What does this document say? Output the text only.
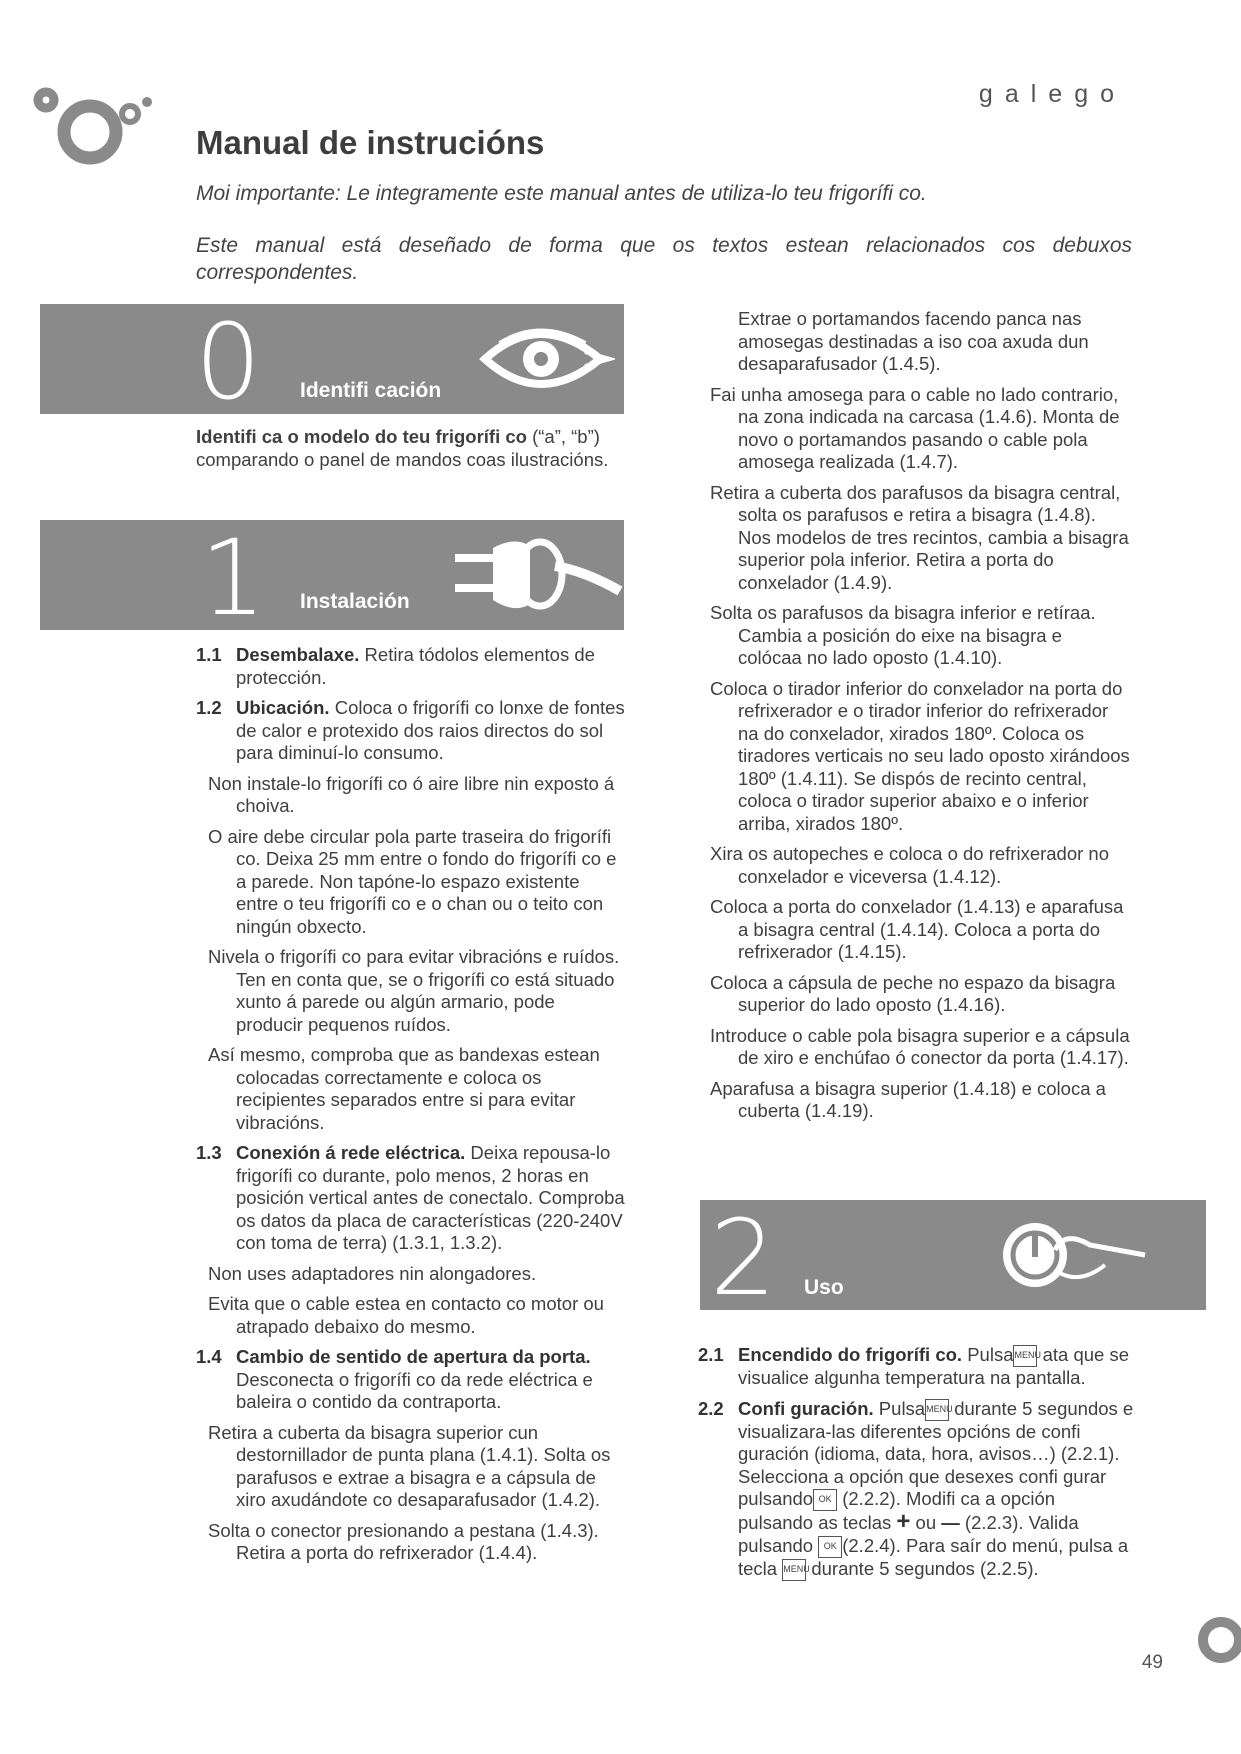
galego
Manual de instrucións
Moi importante: Le integramente este manual antes de utiliza-lo teu frigorífi co.
Este manual está deseñado de forma que os textos estean relacionados cos debuxos correspondentes.
0 Identifi cación

Identifi ca o modelo do teu frigorífi co (“a”, “b”) comparando o panel de mandos coas ilustracións.

1 Instalación

1.1 Desembalaxe. Retira tódolos elementos de protección.

1.2 Ubicación. Coloca o frigorífi co lonxe de fontes de calor e protexido dos raios directos do sol para diminuí-lo consumo.

Non instale-lo frigorífi co ó aire libre nin exposto á choiva.

O aire debe circular pola parte traseira do frigorífi co. Deixa 25 mm entre o fondo do frigorífi co e a parede. Non tapóne-lo espazo existente entre o teu frigorífi co e o chan ou o teito con ningún obxecto.

Nivela o frigorífi co para evitar vibracións e ruídos. Ten en conta que, se o frigorífi co está situado xunto á parede ou algún armario, pode producir pequenos ruídos.

Así mesmo, comproba que as bandexas estean colocadas correctamente e coloca os recipientes separados entre si para evitar vibracións.

1.3 Conexión á rede eléctrica. Deixa repousa-lo frigorífi co durante, polo menos, 2 horas en posición vertical antes de conectalo. Comproba os datos da placa de características (220-240V con toma de terra) (1.3.1, 1.3.2).

Non uses adaptadores nin alongadores.

Evita que o cable estea en contacto co motor ou atrapado debaixo do mesmo.

1.4 Cambio de sentido de apertura da porta. Desconecta o frigorífi co da rede eléctrica e baleira o contido da contraporta.

Retira a cuberta da bisagra superior cun destornillador de punta plana (1.4.1). Solta os parafusos e extrae a bisagra e a cápsula de xiro axudándote co desaparafusador (1.4.2).

Solta o conector presionando a pestana (1.4.3). Retira a porta do refrixerador (1.4.4).

Extrae o portamandos facendo panca nas amosegas destinadas a iso coa axuda dun desaparafusador (1.4.5).

Fai unha amosega para o cable no lado contrario, na zona indicada na carcasa (1.4.6). Monta de novo o portamandos pasando o cable pola amosega realizada (1.4.7).

Retira a cuberta dos parafusos da bisagra central, solta os parafusos e retira a bisagra (1.4.8). Nos modelos de tres recintos, cambia a bisagra superior pola inferior. Retira a porta do conxelador (1.4.9).

Solta os parafusos da bisagra inferior e retíraa. Cambia a posición do eixe na bisagra e colócaa no lado oposto (1.4.10).

Coloca o tirador inferior do conxelador na porta do refrixerador e o tirador inferior do refrixerador na do conxelador, xirados 180º. Coloca os tiradores verticais no seu lado oposto xirándoos 180º (1.4.11). Se dispós de recinto central, coloca o tirador superior abaixo e o inferior arriba, xirados 180º.

Xira os autopeches e coloca o do refrixerador no conxelador e viceversa (1.4.12).

Coloca a porta do conxelador (1.4.13) e aparafusa a bisagra central (1.4.14). Coloca a porta do refrixerador (1.4.15).

Coloca a cápsula de peche no espazo da bisagra superior do lado oposto (1.4.16).

Introduce o cable pola bisagra superior e a cápsula de xiro e enchúfao ó conector da porta (1.4.17).

Aparafusa a bisagra superior (1.4.18) e coloca a cuberta (1.4.19).

2 Uso

2.1 Encendido do frigorífi co. PulsaMENU ata que se visualice algunha temperatura na pantalla.

2.2 Confi guración. PulsaMENU durante 5 segundos e visualizara-las diferentes opcións de confi guración (idioma, data, hora, avisos…) (2.2.1). Selecciona a opción que desexes confi gurar pulsando OK (2.2.2). Modifi ca a opción pulsando as teclas + ou — (2.2.3). Valida pulsando OK (2.2.4). Para saír do menú, pulsa a tecla MENU durante 5 segundos (2.2.5).

49
